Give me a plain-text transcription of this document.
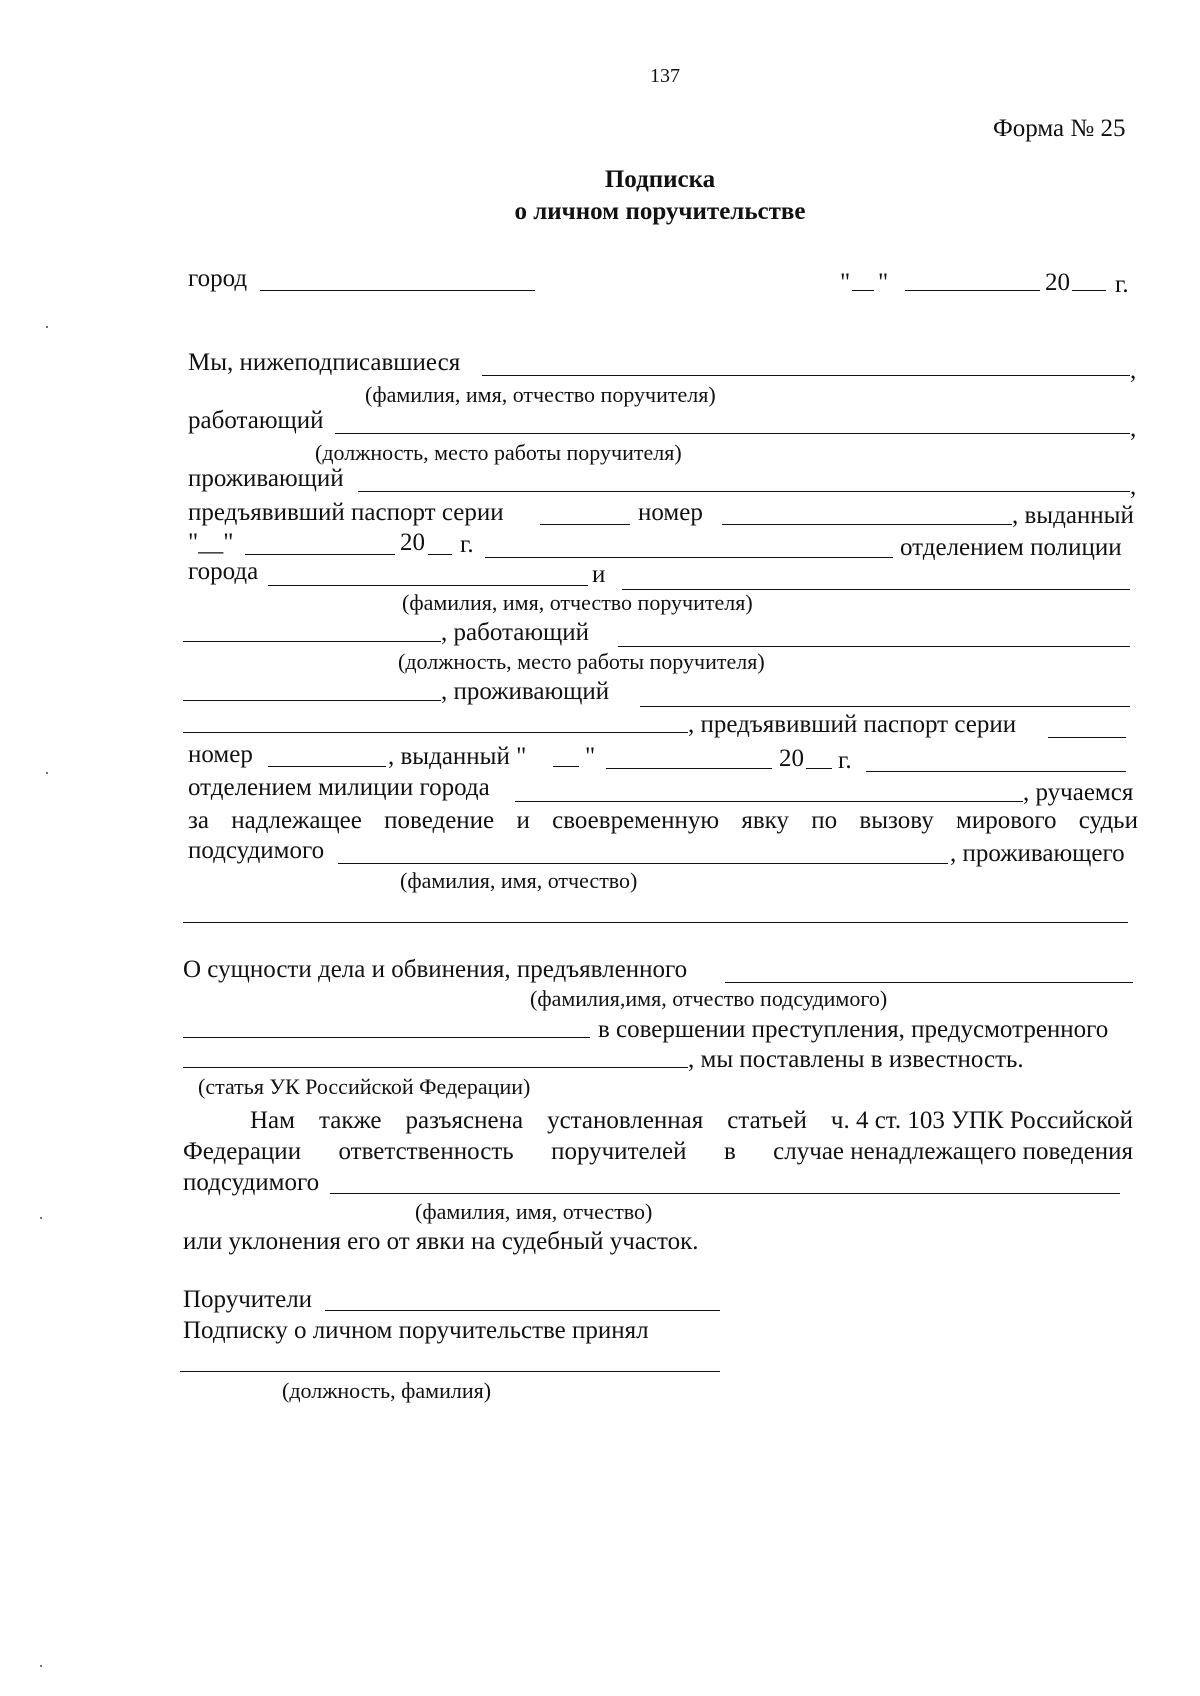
137
Форма № 25
Подписка
о личном поручительстве
город	" "	20 г.
Мы, нижеподписавшиеся	,
(фамилия, имя, отчество поручителя)
работающий	,
(должность, место работы поручителя)
проживающий	,
предъявивший паспорт серии	номер	, выданный
"__"	20 г.	отделением полиции
города	и
(фамилия, имя, отчество поручителя)
, работающий
(должность, место работы поручителя)
, проживающий
, предъявивший паспорт серии
номер	, выданный " "	20 г.
отделением милиции города	, ручаемся
за надлежащее поведение и своевременную явку по вызову мирового судьи
подсудимого	, проживающего
(фамилия, имя, отчество)
О сущности дела и обвинения, предъявленного
(фамилия,имя, отчество подсудимого)
в совершении преступления, предусмотренного
, мы поставлены в известность.
(статья УК Российской Федерации)
Нам также разъяснена установленная статьей ч. 4 ст. 103 УПК Российской
Федерации ответственность поручителей в случае ненадлежащего поведения
подсудимого
(фамилия, имя, отчество)
или уклонения его от явки на судебный участок.
Поручители
Подписку о личном поручительстве принял
(должность, фамилия)
